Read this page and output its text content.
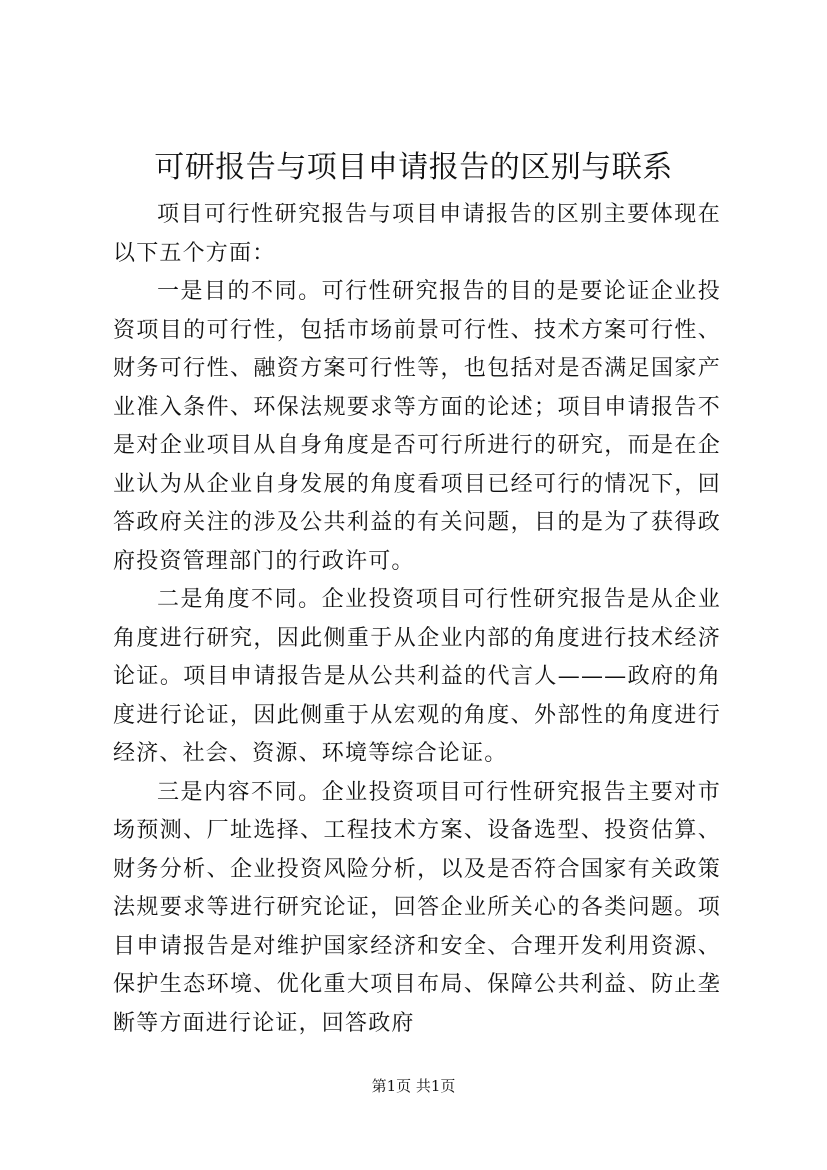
可研报告与项目申请报告的区别与联系

项目可行性研究报告与项目申请报告的区别主要体现在以下五个方面：

一是目的不同。可行性研究报告的目的是要论证企业投资项目的可行性，包括市场前景可行性、技术方案可行性、财务可行性、融资方案可行性等，也包括对是否满足国家产业准入条件、环保法规要求等方面的论述；项目申请报告不是对企业项目从自身角度是否可行所进行的研究，而是在企业认为从企业自身发展的角度看项目已经可行的情况下，回答政府关注的涉及公共利益的有关问题，目的是为了获得政府投资管理部门的行政许可。

二是角度不同。企业投资项目可行性研究报告是从企业角度进行研究，因此侧重于从企业内部的角度进行技术经济论证。项目申请报告是从公共利益的代言人———政府的角度进行论证，因此侧重于从宏观的角度、外部性的角度进行经济、社会、资源、环境等综合论证。

三是内容不同。企业投资项目可行性研究报告主要对市场预测、厂址选择、工程技术方案、设备选型、投资估算、财务分析、企业投资风险分析，以及是否符合国家有关政策法规要求等进行研究论证，回答企业所关心的各类问题。项目申请报告是对维护国家经济和安全、合理开发利用资源、保护生态环境、优化重大项目布局、保障公共利益、防止垄断等方面进行论证，回答政府

第1页 共1页
